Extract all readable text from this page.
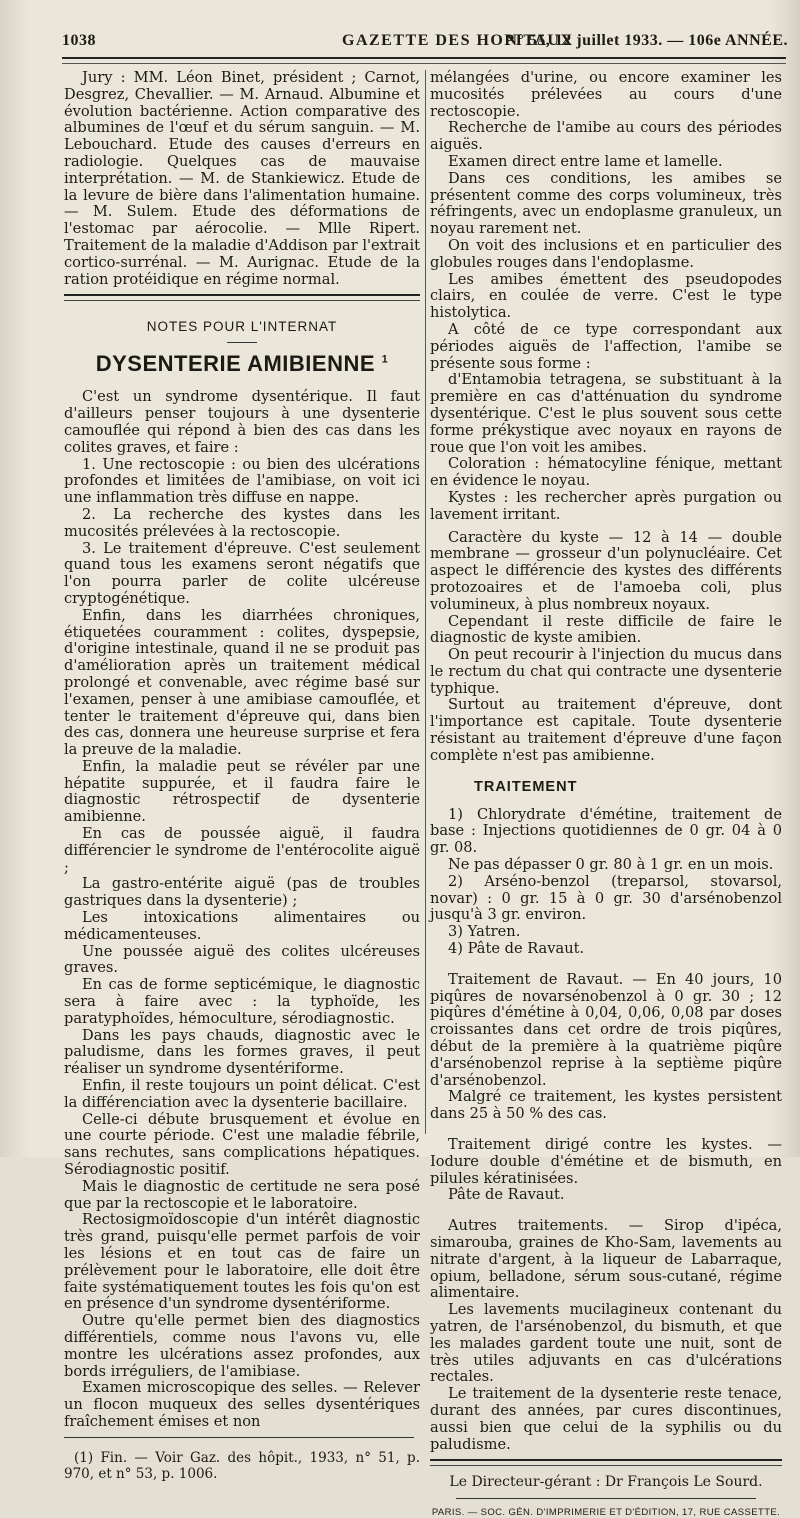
1038	GAZETTE DES HOPITAUX
N° 55, 12 juillet 1933. — 106e ANNÉE.

Jury : MM. Léon Binet, président ; Carnot, Desgrez, Chevallier. — M. Arnaud. Albumine et évolution bactérienne. Action comparative des albumines de l'œuf et du sérum sanguin. — M. Lebouchard. Etude des causes d'erreurs en radiologie. Quelques cas de mauvaise interprétation. — M. de Stankiewicz. Etude de la levure de bière dans l'alimentation humaine. — M. Sulem. Etude des déformations de l'estomac par aérocolie. — Mlle Ripert. Traitement de la maladie d'Addison par l'extrait cortico-surrénal. — M. Aurignac. Etude de la ration protéidique en régime normal.

NOTES POUR L'INTERNAT
DYSENTERIE AMIBIENNE $^1$

C'est un syndrome dysentérique. Il faut d'ailleurs penser toujours à une dysenterie camouflée qui répond à bien des cas dans les colites graves, et faire :

1. Une rectoscopie : ou bien des ulcérations profondes et limitées de l'amibiase, on voit ici une inflammation très diffuse en nappe.

2. La recherche des kystes dans les mucosités prélevées à la rectoscopie.

3. Le traitement d'épreuve. C'est seulement quand tous les examens seront négatifs que l'on pourra parler de colite ulcéreuse cryptogénétique.

Enfin, dans les diarrhées chroniques, étiquetées couramment : colites, dyspepsie, d'origine intestinale, quand il ne se produit pas d'amélioration après un traitement médical prolongé et convenable, avec régime basé sur l'examen, penser à une amibiase camouflée, et tenter le traitement d'épreuve qui, dans bien des cas, donnera une heureuse surprise et fera la preuve de la maladie.

Enfin, la maladie peut se révéler par une hépatite suppurée, et il faudra faire le diagnostic rétrospectif de dysenterie amibienne.

En cas de poussée aiguë, il faudra différencier le syndrome de l'entérocolite aiguë ;

La gastro-entérite aiguë (pas de troubles gastriques dans la dysenterie) ;

Les intoxications alimentaires ou médicamenteuses.

Une poussée aiguë des colites ulcéreuses graves.

En cas de forme septicémique, le diagnostic sera à faire avec : la typhoïde, les paratyphoïdes, hémoculture, sérodiagnostic.

Dans les pays chauds, diagnostic avec le paludisme, dans les formes graves, il peut réaliser un syndrome dysentériforme.

Enfin, il reste toujours un point délicat. C'est la différenciation avec la dysenterie bacillaire.

Celle-ci débute brusquement et évolue en une courte période. C'est une maladie fébrile, sans rechutes, sans complications hépatiques. Sérodiagnostic positif.

Mais le diagnostic de certitude ne sera posé que par la rectoscopie et le laboratoire.

Rectosigmoïdoscopie d'un intérêt diagnostic très grand, puisqu'elle permet parfois de voir les lésions et en tout cas de faire un prélèvement pour le laboratoire, elle doit être faite systématiquement toutes les fois qu'on est en présence d'un syndrome dysentériforme.

Outre qu'elle permet bien des diagnostics différentiels, comme nous l'avons vu, elle montre les ulcérations assez profondes, aux bords irréguliers, de l'amibiase.

Examen microscopique des selles. — Relever un flocon muqueux des selles dysentériques fraîchement émises et non

(1) Fin. — Voir Gaz. des hôpit., 1933, n° 51, p. 970, et n° 53, p. 1006.

mélangées d'urine, ou encore examiner les mucosités prélevées au cours d'une rectoscopie.

Recherche de l'amibe au cours des périodes aiguës.

Examen direct entre lame et lamelle.

Dans ces conditions, les amibes se présentent comme des corps volumineux, très réfringents, avec un endoplasme granuleux, un noyau rarement net.

On voit des inclusions et en particulier des globules rouges dans l'endoplasme.

Les amibes émettent des pseudopodes clairs, en coulée de verre. C'est le type histolytica.

A côté de ce type correspondant aux périodes aiguës de l'affection, l'amibe se présente sous forme :

d'Entamobia tetragena, se substituant à la première en cas d'atténuation du syndrome dysentérique. C'est le plus souvent sous cette forme prékystique avec noyaux en rayons de roue que l'on voit les amibes.

Coloration : hématocyline fénique, mettant en évidence le noyau.

Kystes : les rechercher après purgation ou lavement irritant.

Caractère du kyste — 12 à 14 — double membrane — grosseur d'un polynucléaire. Cet aspect le différencie des kystes des différents protozoaires et de l'amoeba coli, plus volumineux, à plus nombreux noyaux.

Cependant il reste difficile de faire le diagnostic de kyste amibien.

On peut recourir à l'injection du mucus dans le rectum du chat qui contracte une dysenterie typhique.

Surtout au traitement d'épreuve, dont l'importance est capitale. Toute dysenterie résistant au traitement d'épreuve d'une façon complète n'est pas amibienne.

TRAITEMENT

1) Chlorydrate d'émétine, traitement de base : Injections quotidiennes de 0 gr. 04 à 0 gr. 08.

Ne pas dépasser 0 gr. 80 à 1 gr. en un mois.

2) Arséno-benzol (treparsol, stovarsol, novar) : 0 gr. 15 à 0 gr. 30 d'arsénobenzol jusqu'à 3 gr. environ.

3) Yatren.

4) Pâte de Ravaut.

Traitement de Ravaut. — En 40 jours, 10 piqûres de novarsénobenzol à 0 gr. 30 ; 12 piqûres d'émétine à 0,04, 0,06, 0,08 par doses croissantes dans cet ordre de trois piqûres, début de la première à la quatrième piqûre d'arsénobenzol reprise à la septième piqûre d'arsénobenzol.

Malgré ce traitement, les kystes persistent dans 25 à 50 % des cas.

Traitement dirigé contre les kystes. — Iodure double d'émétine et de bismuth, en pilules kératinisées.

Pâte de Ravaut.

Autres traitements. — Sirop d'ipéca, simarouba, graines de Kho-Sam, lavements au nitrate d'argent, à la liqueur de Labarraque, opium, belladone, sérum sous-cutané, régime alimentaire.

Les lavements mucilagineux contenant du yatren, de l'arsénobenzol, du bismuth, et que les malades gardent toute une nuit, sont de très utiles adjuvants en cas d'ulcérations rectales.

Le traitement de la dysenterie reste tenace, durant des années, par cures discontinues, aussi bien que celui de la syphilis ou du paludisme.

Le Directeur-gérant : Dr François Le Sourd.
PARIS. — SOC. GÉN. D'IMPRIMERIE ET D'ÉDITION, 17, RUE CASSETTE.
